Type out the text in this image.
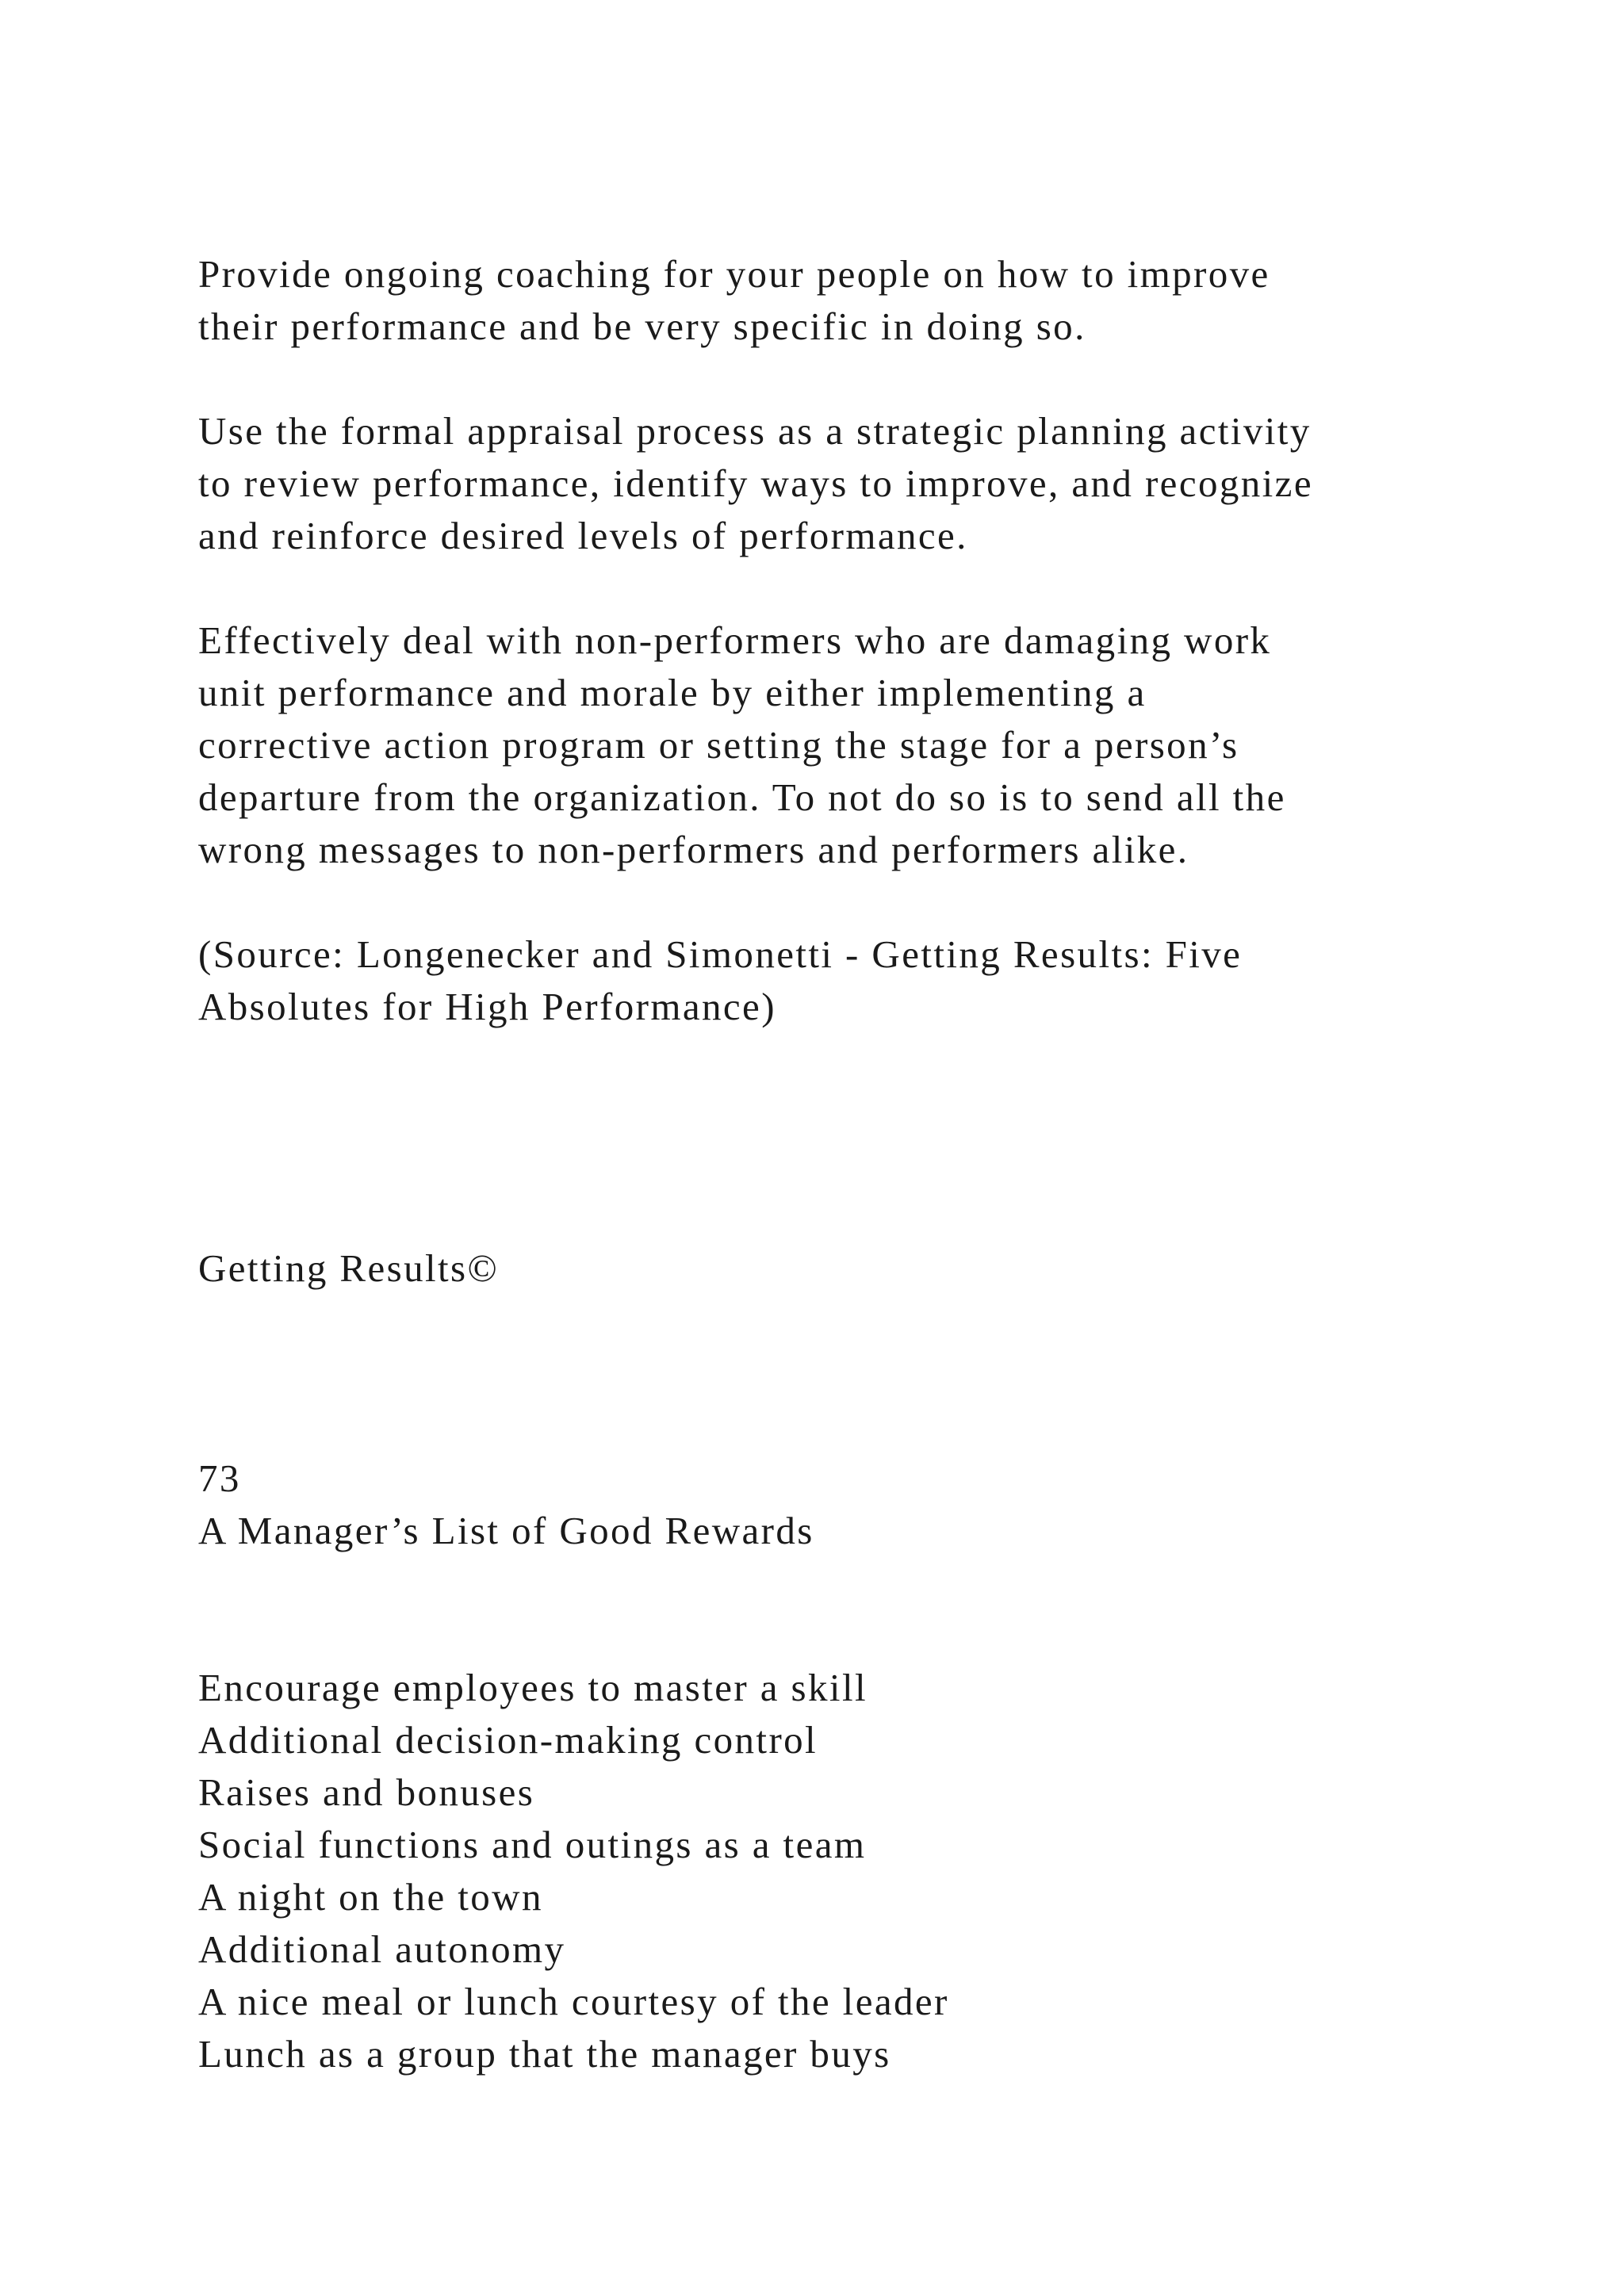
Provide ongoing coaching for your people on how to improve
their performance and be very specific in doing so.
Use the formal appraisal process as a strategic planning activity
to review performance, identify ways to improve, and recognize
and reinforce desired levels of performance.
Effectively deal with non-performers who are damaging work
unit performance and morale by either implementing a
corrective action program or setting the stage for a person’s
departure from the organization. To not do so is to send all the
wrong messages to non-performers and performers alike.
(Source: Longenecker and Simonetti - Getting Results: Five
Absolutes for High Performance)
Getting Results©
73
A Manager’s List of Good Rewards
Encourage employees to master a skill
Additional decision-making control
Raises and bonuses
Social functions and outings as a team
A night on the town
Additional autonomy
A nice meal or lunch courtesy of the leader
Lunch as a group that the manager buys
